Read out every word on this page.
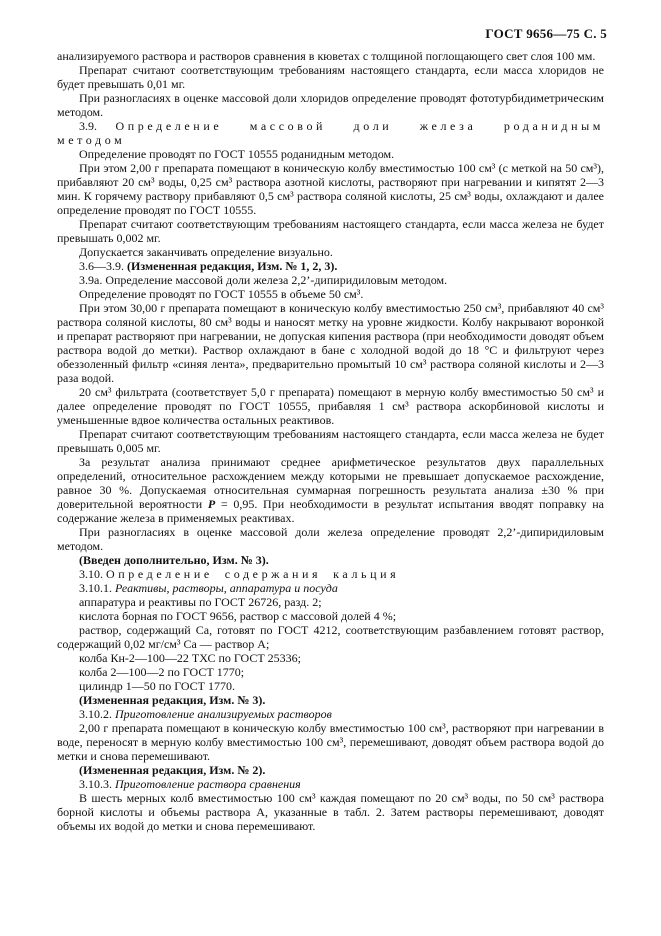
ГОСТ 9656—75 С. 5

анализируемого раствора и растворов сравнения в кюветах с толщиной поглощающего свет слоя 100 мм.

Препарат считают соответствующим требованиям настоящего стандарта, если масса хлоридов не будет превышать 0,01 мг.

При разногласиях в оценке массовой доли хлоридов определение проводят фототурбидиметрическим методом.

3.9. Определение массовой доли железа роданидным методом

Определение проводят по ГОСТ 10555 роданидным методом.

При этом 2,00 г препарата помещают в коническую колбу вместимостью 100 см³ (с меткой на 50 см³), прибавляют 20 см³ воды, 0,25 см³ раствора азотной кислоты, растворяют при нагревании и кипятят 2—3 мин. К горячему раствору прибавляют 0,5 см³ раствора соляной кислоты, 25 см³ воды, охлаждают и далее определение проводят по ГОСТ 10555.

Препарат считают соответствующим требованиям настоящего стандарта, если масса железа не будет превышать 0,002 мг.

Допускается заканчивать определение визуально.

3.6—3.9. (Измененная редакция, Изм. № 1, 2, 3).

3.9а. Определение массовой доли железа 2,2’-дипиридиловым методом.

Определение проводят по ГОСТ 10555 в объеме 50 см³.

При этом 30,00 г препарата помещают в коническую колбу вместимостью 250 см³, прибавляют 40 см³ раствора соляной кислоты, 80 см³ воды и наносят метку на уровне жидкости. Колбу накрывают воронкой и препарат растворяют при нагревании, не допуская кипения раствора (при необходимости доводят объем раствора водой до метки). Раствор охлаждают в бане с холодной водой до 18 °С и фильтруют через обеззоленный фильтр «синяя лента», предварительно промытый 10 см³ раствора соляной кислоты и 2—3 раза водой.

20 см³ фильтрата (соответствует 5,0 г препарата) помещают в мерную колбу вместимостью 50 см³ и далее определение проводят по ГОСТ 10555, прибавляя 1 см³ раствора аскорбиновой кислоты и уменьшенные вдвое количества остальных реактивов.

Препарат считают соответствующим требованиям настоящего стандарта, если масса железа не будет превышать 0,005 мг.

За результат анализа принимают среднее арифметическое результатов двух параллельных определений, относительное расхождением между которыми не превышает допускаемое расхождение, равное 30 %. Допускаемая относительная суммарная погрешность результата анализа ±30 % при доверительной вероятности Р = 0,95. При необходимости в результат испытания вводят поправку на содержание железа в применяемых реактивах.

При разногласиях в оценке массовой доли железа определение проводят 2,2’-дипиридиловым методом.

(Введен дополнительно, Изм. № 3).

3.10. Определение содержания кальция

3.10.1. Реактивы, растворы, аппаратура и посуда

аппаратура и реактивы по ГОСТ 26726, разд. 2;

кислота борная по ГОСТ 9656, раствор с массовой долей 4 %;

раствор, содержащий Са, готовят по ГОСТ 4212, соответствующим разбавлением готовят раствор, содержащий 0,02 мг/см³ Са — раствор А;

колба Кн-2—100—22 ТХС по ГОСТ 25336;

колба 2—100—2 по ГОСТ 1770;

цилиндр 1—50 по ГОСТ 1770.

(Измененная редакция, Изм. № 3).

3.10.2. Приготовление анализируемых растворов

2,00 г препарата помещают в коническую колбу вместимостью 100 см³, растворяют при нагревании в воде, переносят в мерную колбу вместимостью 100 см³, перемешивают, доводят объем раствора водой до метки и снова перемешивают.

(Измененная редакция, Изм. № 2).

3.10.3. Приготовление раствора сравнения

В шесть мерных колб вместимостью 100 см³ каждая помещают по 20 см³ воды, по 50 см³ раствора борной кислоты и объемы раствора А, указанные в табл. 2. Затем растворы перемешивают, доводят объемы их водой до метки и снова перемешивают.
